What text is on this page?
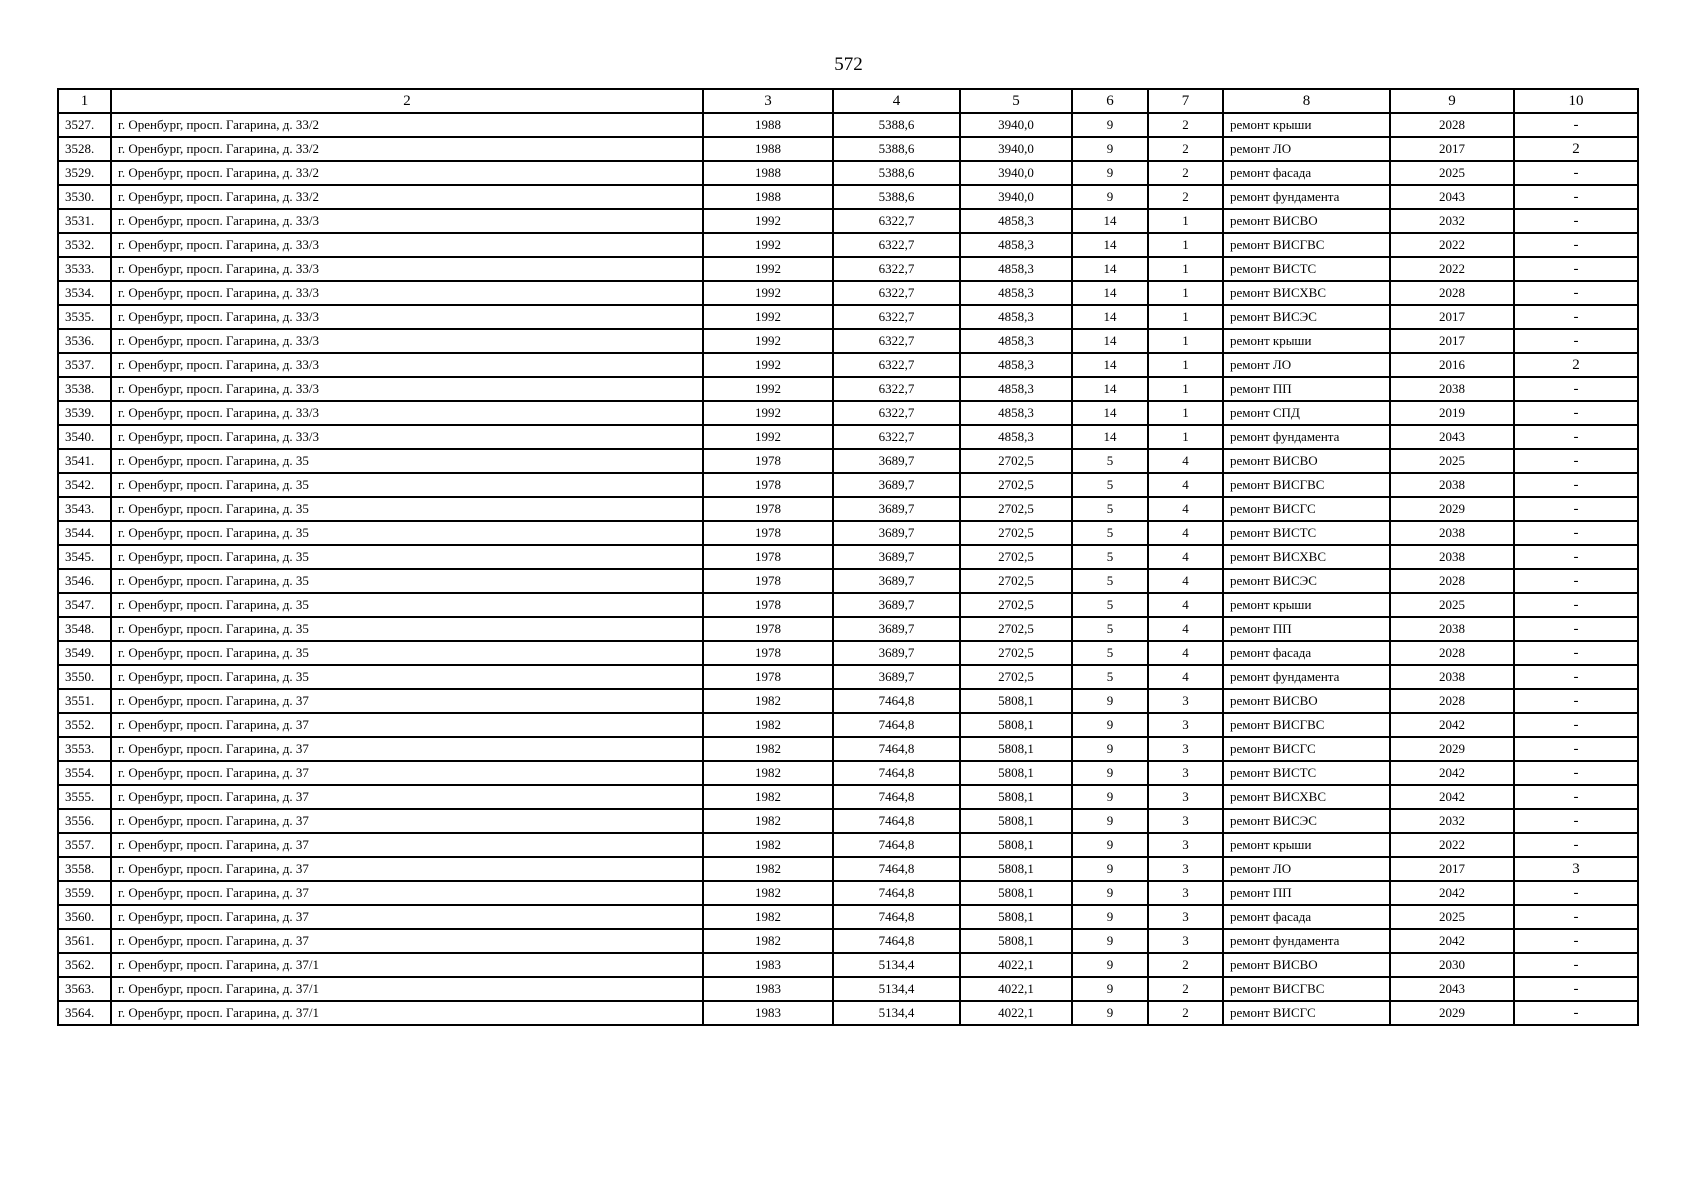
572
1	2	3	4	5	6	7	8	9	10
3527.	г. Оренбург, просп. Гагарина, д. 33/2	1988	5388,6	3940,0	9	2	ремонт крыши	2028	-
3528.	г. Оренбург, просп. Гагарина, д. 33/2	1988	5388,6	3940,0	9	2	ремонт ЛО	2017	2
3529.	г. Оренбург, просп. Гагарина, д. 33/2	1988	5388,6	3940,0	9	2	ремонт фасада	2025	-
3530.	г. Оренбург, просп. Гагарина, д. 33/2	1988	5388,6	3940,0	9	2	ремонт фундамента	2043	-
3531.	г. Оренбург, просп. Гагарина, д. 33/3	1992	6322,7	4858,3	14	1	ремонт ВИСВО	2032	-
3532.	г. Оренбург, просп. Гагарина, д. 33/3	1992	6322,7	4858,3	14	1	ремонт ВИСГВС	2022	-
3533.	г. Оренбург, просп. Гагарина, д. 33/3	1992	6322,7	4858,3	14	1	ремонт ВИСТС	2022	-
3534.	г. Оренбург, просп. Гагарина, д. 33/3	1992	6322,7	4858,3	14	1	ремонт ВИСХВС	2028	-
3535.	г. Оренбург, просп. Гагарина, д. 33/3	1992	6322,7	4858,3	14	1	ремонт ВИСЭС	2017	-
3536.	г. Оренбург, просп. Гагарина, д. 33/3	1992	6322,7	4858,3	14	1	ремонт крыши	2017	-
3537.	г. Оренбург, просп. Гагарина, д. 33/3	1992	6322,7	4858,3	14	1	ремонт ЛО	2016	2
3538.	г. Оренбург, просп. Гагарина, д. 33/3	1992	6322,7	4858,3	14	1	ремонт ПП	2038	-
3539.	г. Оренбург, просп. Гагарина, д. 33/3	1992	6322,7	4858,3	14	1	ремонт СПД	2019	-
3540.	г. Оренбург, просп. Гагарина, д. 33/3	1992	6322,7	4858,3	14	1	ремонт фундамента	2043	-
3541.	г. Оренбург, просп. Гагарина, д. 35	1978	3689,7	2702,5	5	4	ремонт ВИСВО	2025	-
3542.	г. Оренбург, просп. Гагарина, д. 35	1978	3689,7	2702,5	5	4	ремонт ВИСГВС	2038	-
3543.	г. Оренбург, просп. Гагарина, д. 35	1978	3689,7	2702,5	5	4	ремонт ВИСГС	2029	-
3544.	г. Оренбург, просп. Гагарина, д. 35	1978	3689,7	2702,5	5	4	ремонт ВИСТС	2038	-
3545.	г. Оренбург, просп. Гагарина, д. 35	1978	3689,7	2702,5	5	4	ремонт ВИСХВС	2038	-
3546.	г. Оренбург, просп. Гагарина, д. 35	1978	3689,7	2702,5	5	4	ремонт ВИСЭС	2028	-
3547.	г. Оренбург, просп. Гагарина, д. 35	1978	3689,7	2702,5	5	4	ремонт крыши	2025	-
3548.	г. Оренбург, просп. Гагарина, д. 35	1978	3689,7	2702,5	5	4	ремонт ПП	2038	-
3549.	г. Оренбург, просп. Гагарина, д. 35	1978	3689,7	2702,5	5	4	ремонт фасада	2028	-
3550.	г. Оренбург, просп. Гагарина, д. 35	1978	3689,7	2702,5	5	4	ремонт фундамента	2038	-
3551.	г. Оренбург, просп. Гагарина, д. 37	1982	7464,8	5808,1	9	3	ремонт ВИСВО	2028	-
3552.	г. Оренбург, просп. Гагарина, д. 37	1982	7464,8	5808,1	9	3	ремонт ВИСГВС	2042	-
3553.	г. Оренбург, просп. Гагарина, д. 37	1982	7464,8	5808,1	9	3	ремонт ВИСГС	2029	-
3554.	г. Оренбург, просп. Гагарина, д. 37	1982	7464,8	5808,1	9	3	ремонт ВИСТС	2042	-
3555.	г. Оренбург, просп. Гагарина, д. 37	1982	7464,8	5808,1	9	3	ремонт ВИСХВС	2042	-
3556.	г. Оренбург, просп. Гагарина, д. 37	1982	7464,8	5808,1	9	3	ремонт ВИСЭС	2032	-
3557.	г. Оренбург, просп. Гагарина, д. 37	1982	7464,8	5808,1	9	3	ремонт крыши	2022	-
3558.	г. Оренбург, просп. Гагарина, д. 37	1982	7464,8	5808,1	9	3	ремонт ЛО	2017	3
3559.	г. Оренбург, просп. Гагарина, д. 37	1982	7464,8	5808,1	9	3	ремонт ПП	2042	-
3560.	г. Оренбург, просп. Гагарина, д. 37	1982	7464,8	5808,1	9	3	ремонт фасада	2025	-
3561.	г. Оренбург, просп. Гагарина, д. 37	1982	7464,8	5808,1	9	3	ремонт фундамента	2042	-
3562.	г. Оренбург, просп. Гагарина, д. 37/1	1983	5134,4	4022,1	9	2	ремонт ВИСВО	2030	-
3563.	г. Оренбург, просп. Гагарина, д. 37/1	1983	5134,4	4022,1	9	2	ремонт ВИСГВС	2043	-
3564.	г. Оренбург, просп. Гагарина, д. 37/1	1983	5134,4	4022,1	9	2	ремонт ВИСГС	2029	-
